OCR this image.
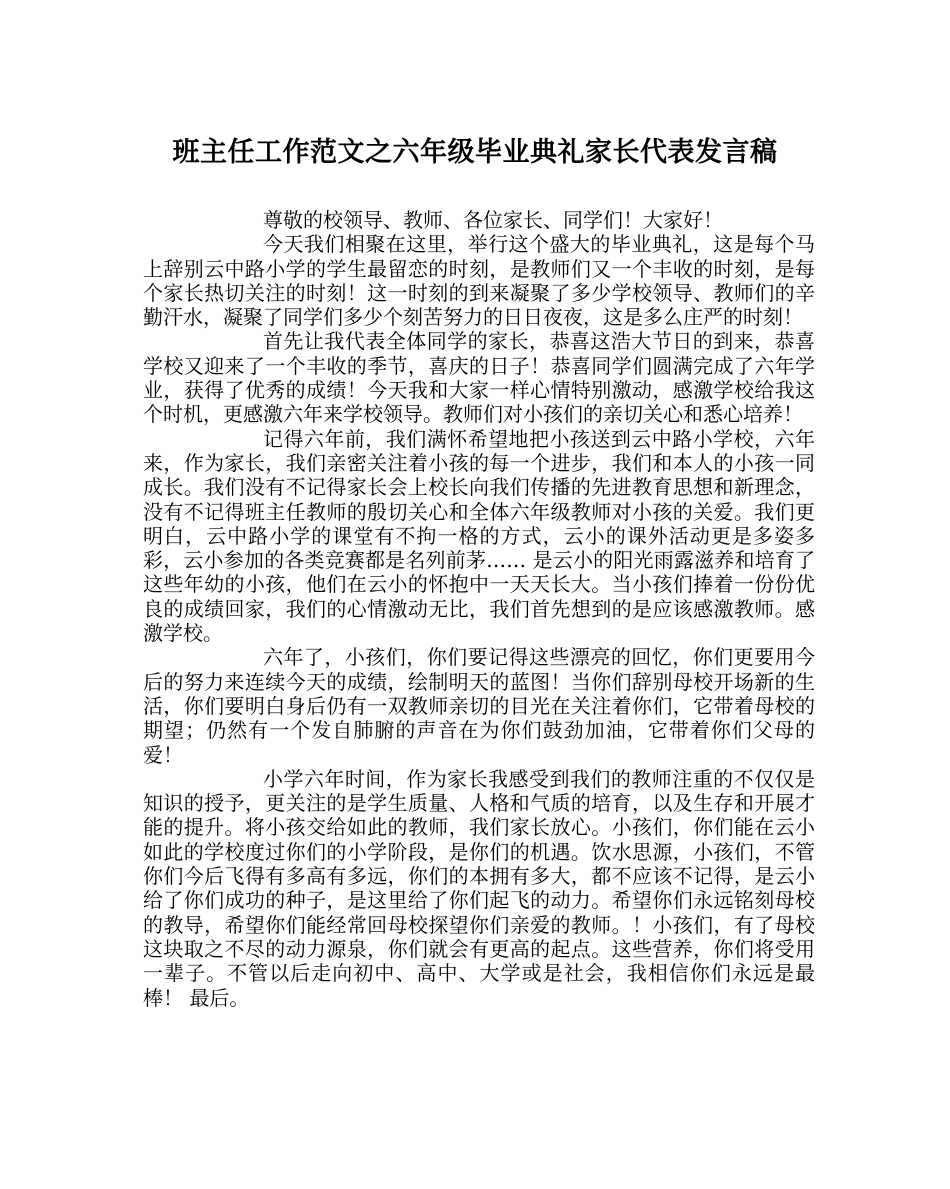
班主任工作范文之六年级毕业典礼家长代表发言稿

尊敬的校领导、教师、各位家长、同学们！大家好！

今天我们相聚在这里，举行这个盛大的毕业典礼，这是每个马上辞别云中路小学的学生最留恋的时刻，是教师们又一个丰收的时刻，是每个家长热切关注的时刻！这一时刻的到来凝聚了多少学校领导、教师们的辛勤汗水，凝聚了同学们多少个刻苦努力的日日夜夜，这是多么庄严的时刻！

首先让我代表全体同学的家长，恭喜这浩大节日的到来，恭喜学校又迎来了一个丰收的季节，喜庆的日子！恭喜同学们圆满完成了六年学业，获得了优秀的成绩！今天我和大家一样心情特别激动，感激学校给我这个时机，更感激六年来学校领导。教师们对小孩们的亲切关心和悉心培养！

记得六年前，我们满怀希望地把小孩送到云中路小学校，六年来，作为家长，我们亲密关注着小孩的每一个进步，我们和本人的小孩一同成长。我们没有不记得家长会上校长向我们传播的先进教育思想和新理念，没有不记得班主任教师的殷切关心和全体六年级教师对小孩的关爱。我们更明白，云中路小学的课堂有不拘一格的方式，云小的课外活动更是多姿多彩，云小参加的各类竞赛都是名列前茅…… 是云小的阳光雨露滋养和培育了这些年幼的小孩，他们在云小的怀抱中一天天长大。当小孩们捧着一份份优良的成绩回家，我们的心情激动无比，我们首先想到的是应该感激教师。感激学校。

六年了，小孩们，你们要记得这些漂亮的回忆，你们更要用今后的努力来连续今天的成绩，绘制明天的蓝图！当你们辞别母校开场新的生活，你们要明白身后仍有一双教师亲切的目光在关注着你们，它带着母校的期望；仍然有一个发自肺腑的声音在为你们鼓劲加油，它带着你们父母的爱！

小学六年时间，作为家长我感受到我们的教师注重的不仅仅是知识的授予，更关注的是学生质量、人格和气质的培育，以及生存和开展才能的提升。将小孩交给如此的教师，我们家长放心。小孩们，你们能在云小如此的学校度过你们的小学阶段，是你们的机遇。饮水思源，小孩们，不管你们今后飞得有多高有多远，你们的本拥有多大，都不应该不记得，是云小给了你们成功的种子，是这里给了你们起飞的动力。希望你们永远铭刻母校的教导，希望你们能经常回母校探望你们亲爱的教师。！小孩们，有了母校这块取之不尽的动力源泉，你们就会有更高的起点。这些营养，你们将受用一辈子。不管以后走向初中、高中、大学或是社会，我相信你们永远是最棒！ 最后。
